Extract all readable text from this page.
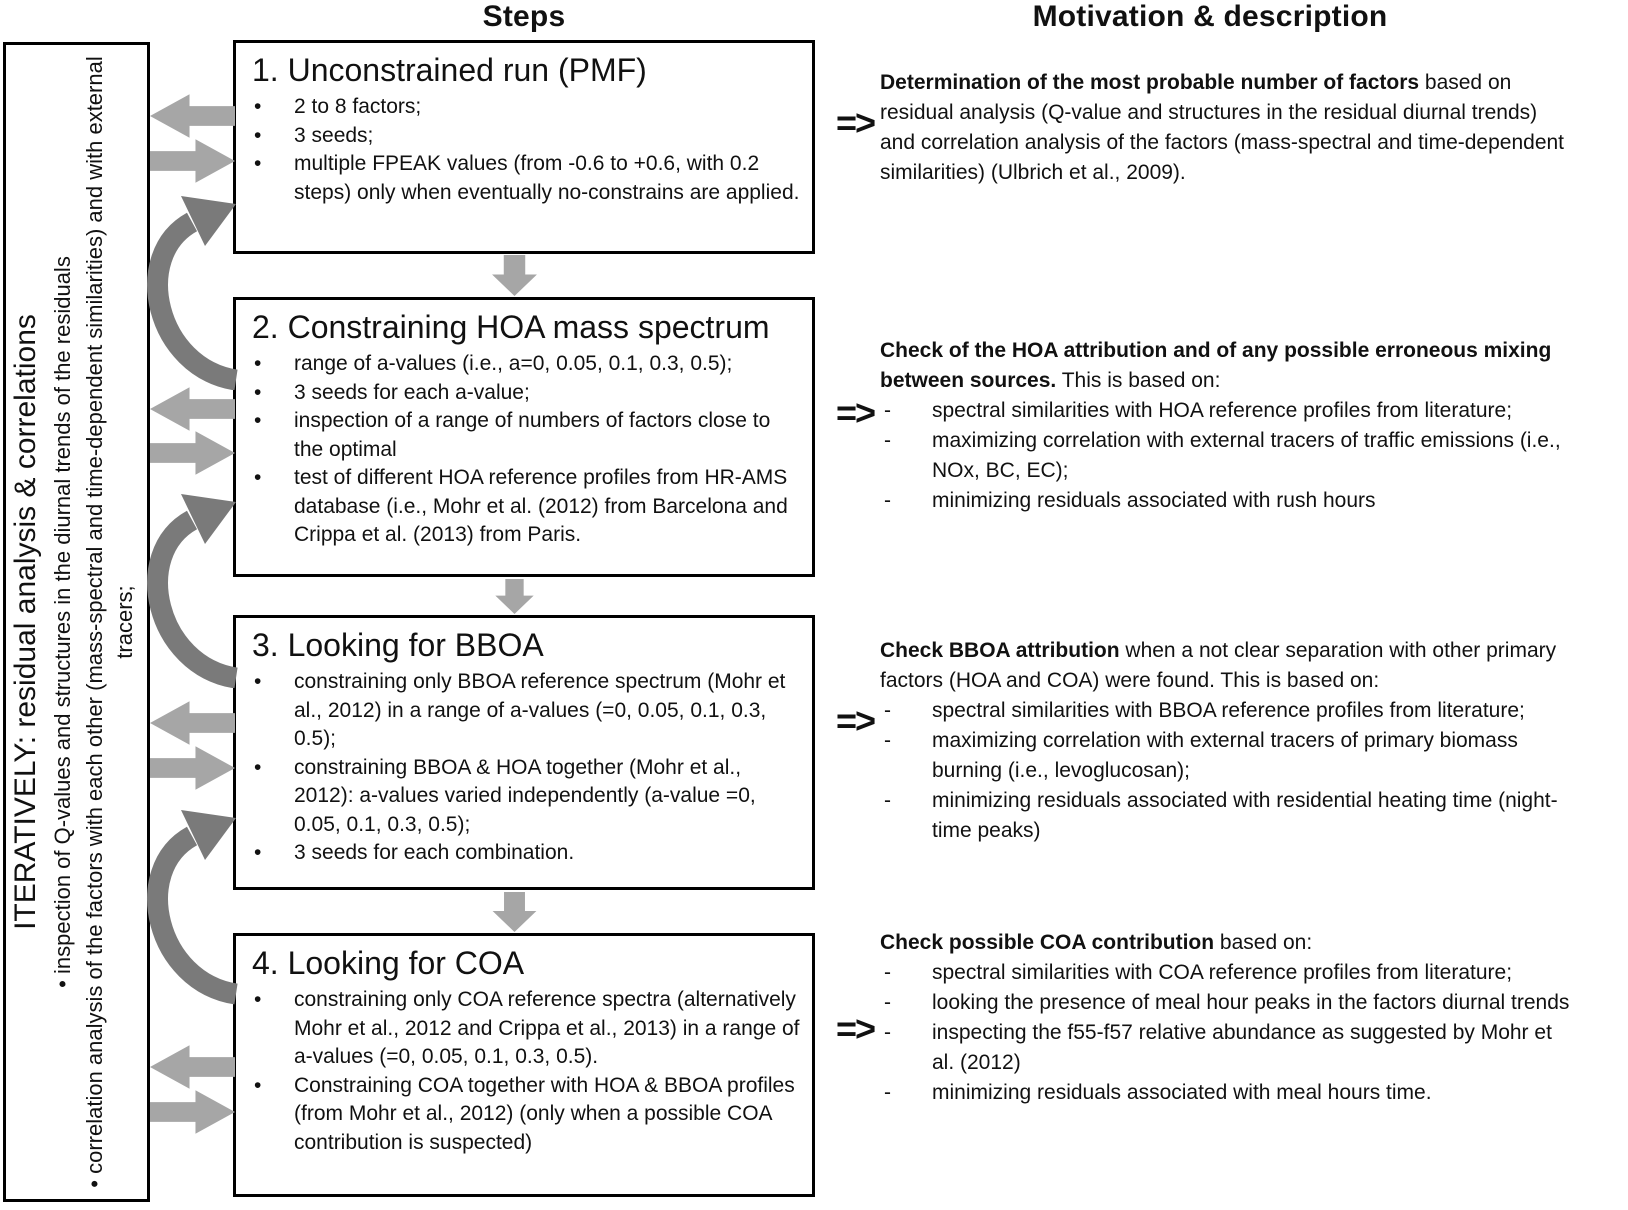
Steps	Motivation & description
ITERATIVELY: residual analysis & correlations • inspection of Q-values and structures in the diurnal trends of the residuals • correlation analysis of the factors with each other (mass-spectral and time-dependent similarities) and with external tracers;
1. Unconstrained run (PMF)
• 2 to 8 factors;
• 3 seeds;
• multiple FPEAK values (from -0.6 to +0.6, with 0.2 steps) only when eventually no-constrains are applied.
2. Constraining HOA mass spectrum
• range of a-values (i.e., a=0, 0.05, 0.1, 0.3, 0.5);
• 3 seeds for each a-value;
• inspection of a range of numbers of factors close to the optimal
• test of different HOA reference profiles from HR-AMS database (i.e., Mohr et al. (2012) from Barcelona and Crippa et al. (2013) from Paris.
3. Looking for BBOA
• constraining only BBOA reference spectrum (Mohr et al., 2012) in a range of a-values (=0, 0.05, 0.1, 0.3, 0.5);
• constraining BBOA & HOA together (Mohr et al., 2012): a-values varied independently (a-value =0, 0.05, 0.1, 0.3, 0.5);
• 3 seeds for each combination.
4. Looking for COA
• constraining only COA reference spectra (alternatively Mohr et al., 2012 and Crippa et al., 2013) in a range of a-values (=0, 0.05, 0.1, 0.3, 0.5).
• Constraining COA together with HOA & BBOA profiles (from Mohr et al., 2012) (only when a possible COA contribution is suspected)
=>
=>
=>
=>
Determination of the most probable number of factors based on residual analysis (Q-value and structures in the residual diurnal trends) and correlation analysis of the factors (mass-spectral and time-dependent similarities) (Ulbrich et al., 2009).
Check of the HOA attribution and of any possible erroneous mixing between sources. This is based on:
- spectral similarities with HOA reference profiles from literature;
- maximizing correlation with external tracers of traffic emissions (i.e., NOx, BC, EC);
- minimizing residuals associated with rush hours
Check BBOA attribution when a not clear separation with other primary factors (HOA and COA) were found. This is based on:
- spectral similarities with BBOA reference profiles from literature;
- maximizing correlation with external tracers of primary biomass burning (i.e., levoglucosan);
- minimizing residuals associated with residential heating time (night-time peaks)
Check possible COA contribution based on:
- spectral similarities with COA reference profiles from literature;
- looking the presence of meal hour peaks in the factors diurnal trends
- inspecting the f55-f57 relative abundance as suggested by Mohr et al. (2012)
- minimizing residuals associated with meal hours time.
